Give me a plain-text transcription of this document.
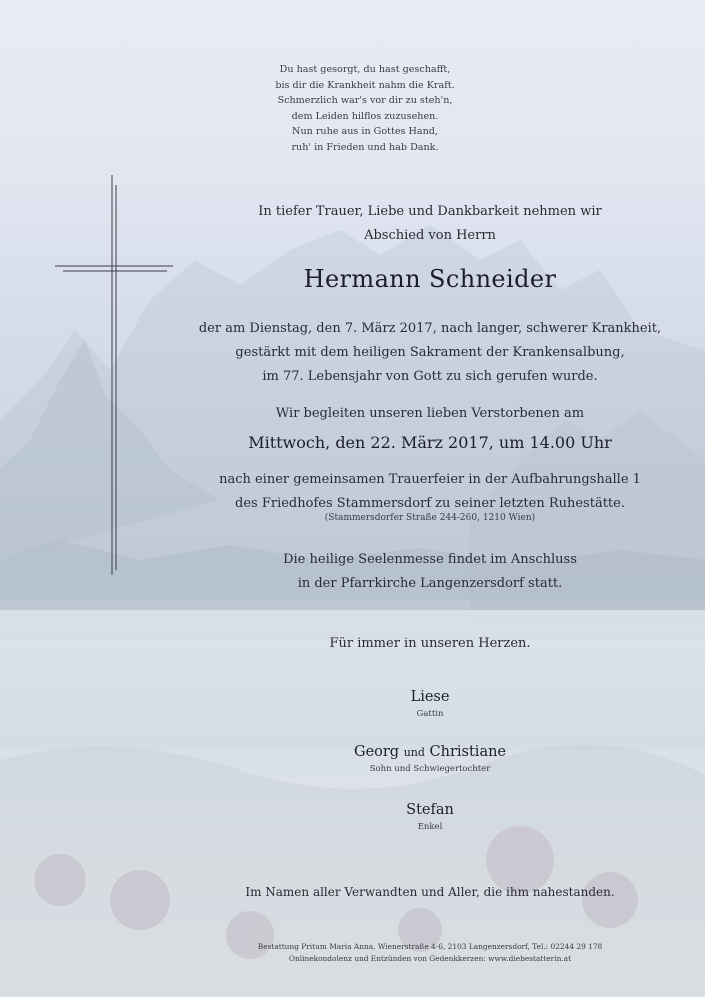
Du hast gesorgt, du hast geschafft,
bis dir die Krankheit nahm die Kraft.
Schmerzlich war's vor dir zu steh'n,
dem Leiden hilflos zuzusehen.
Nun ruhe aus in Gottes Hand,
ruh' in Frieden und hab Dank.
In tiefer Trauer, Liebe und Dankbarkeit nehmen wir
Abschied von Herrn
Hermann Schneider
der am Dienstag, den 7. März 2017, nach langer, schwerer Krankheit,
gestärkt mit dem heiligen Sakrament der Krankensalbung,
im 77. Lebensjahr von Gott zu sich gerufen wurde.
Wir begleiten unseren lieben Verstorbenen am
Mittwoch, den 22. März 2017, um 14.00 Uhr
nach einer gemeinsamen Trauerfeier in der Aufbahrungshalle 1
des Friedhofes Stammersdorf zu seiner letzten Ruhestätte.
(Stammersdorfer Straße 244-260, 1210 Wien)
Die heilige Seelenmesse findet im Anschluss
in der Pfarrkirche Langenzersdorf statt.
Für immer in unseren Herzen.
Liese
Gattin
Georg und Christiane
Sohn und Schwiegertochter
Stefan
Enkel
Im Namen aller Verwandten und Aller, die ihm nahestanden.
Bestattung Pritum Maria Anna, Wienerstraße 4-6, 2103 Langenzersdorf, Tel.: 02244 29 178
Onlinekondolenz und Entzünden von Gedenkkerzen: www.diebestatterin.at
